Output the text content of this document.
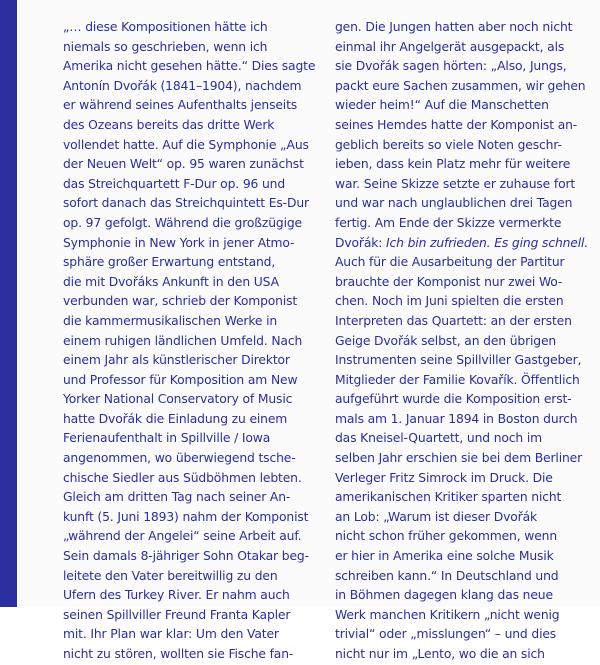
„… diese Kompositionen hätte ich
niemals so geschrieben, wenn ich
Amerika nicht gesehen hätte.“ Dies sagte
Antonín Dvořák (1841–1904), nachdem
er während seines Aufenthalts jenseits
des Ozeans bereits das dritte Werk
vollendet hatte. Auf die Symphonie „Aus
der Neuen Welt“ op. 95 waren zunächst
das Streichquartett F-Dur op. 96 und
sofort danach das Streichquintett Es-Dur
op. 97 gefolgt. Während die großzügige
Symphonie in New York in jener Atmo-
sphäre großer Erwartung entstand,
die mit Dvořáks Ankunft in den USA
verbunden war, schrieb der Komponist
die kammermusikalischen Werke in
einem ruhigen ländlichen Umfeld. Nach
einem Jahr als künstlerischer Direktor
und Professor für Komposition am New
Yorker National Conservatory of Music
hatte Dvořák die Einladung zu einem
Ferienaufenthalt in Spillville / Iowa
angenommen, wo überwiegend tsche-
chische Siedler aus Südböhmen lebten.
Gleich am dritten Tag nach seiner An-
kunft (5. Juni 1893) nahm der Komponist
„während der Angelei“ seine Arbeit auf.
Sein damals 8-jähriger Sohn Otakar beg-
leitete den Vater bereitwillig zu den
Ufern des Turkey River. Er nahm auch
seinen Spillviller Freund Franta Kapler
mit. Ihr Plan war klar: Um den Vater
nicht zu stören, wollten sie Fische fan-
gen. Die Jungen hatten aber noch nicht
einmal ihr Angelgerät ausgepackt, als
sie Dvořák sagen hörten: „Also, Jungs,
packt eure Sachen zusammen, wir gehen
wieder heim!“ Auf die Manschetten
seines Hemdes hatte der Komponist an-
geblich bereits so viele Noten geschr-
ieben, dass kein Platz mehr für weitere
war. Seine Skizze setzte er zuhause fort
und war nach unglaublichen drei Tagen
fertig. Am Ende der Skizze vermerkte
Dvořák: Ich bin zufrieden. Es ging schnell.
Auch für die Ausarbeitung der Partitur
brauchte der Komponist nur zwei Wo-
chen. Noch im Juni spielten die ersten
Interpreten das Quartett: an der ersten
Geige Dvořák selbst, an den übrigen
Instrumenten seine Spillviller Gastgeber,
Mitglieder der Familie Kovařík. Öffentlich
aufgeführt wurde die Komposition erst-
mals am 1. Januar 1894 in Boston durch
das Kneisel-Quartett, und noch im
selben Jahr erschien sie bei dem Berliner
Verleger Fritz Simrock im Druck. Die
amerikanischen Kritiker sparten nicht
an Lob: „Warum ist dieser Dvořák
nicht schon früher gekommen, wenn
er hier in Amerika eine solche Musik
schreiben kann.“ In Deutschland und
in Böhmen dagegen klang das neue
Werk manchen Kritikern „nicht wenig
trivial“ oder „misslungen“ – und dies
nicht nur im „Lento, wo die an sich
